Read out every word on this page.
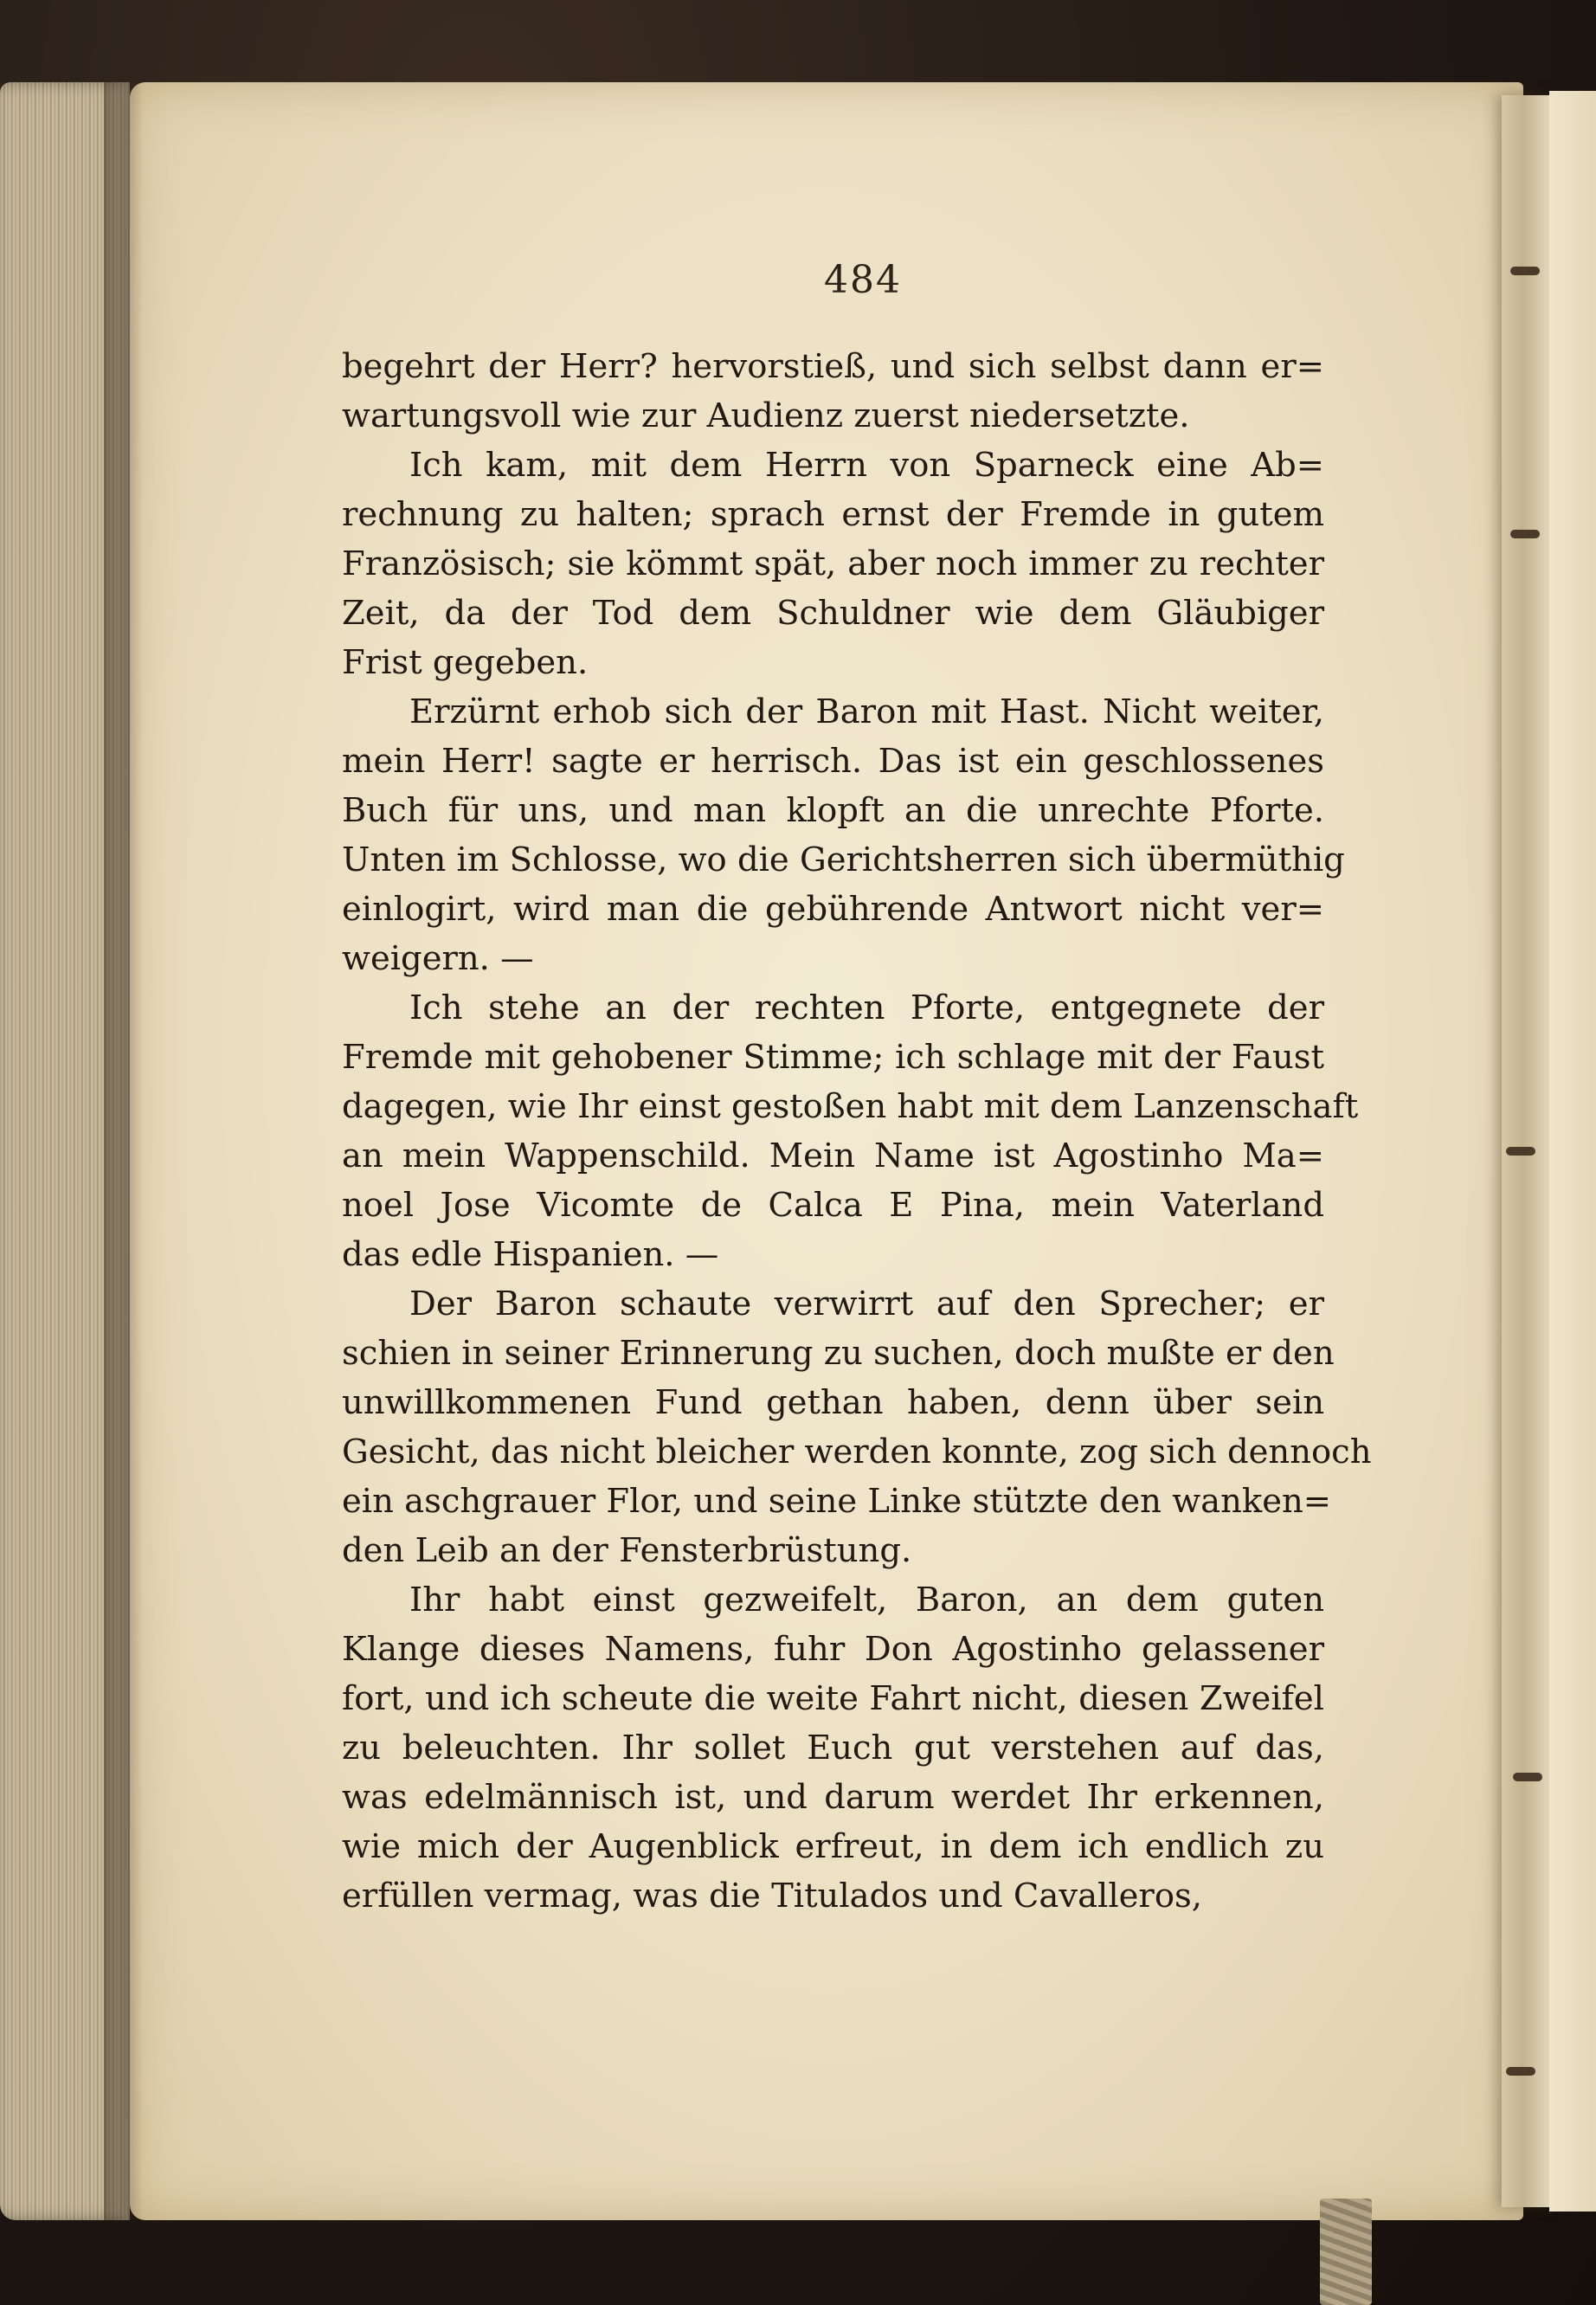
484

begehrt der Herr? hervorstieß, und sich selbst dann er=
wartungsvoll wie zur Audienz zuerst niedersetzte.

Ich kam, mit dem Herrn von Sparneck eine Ab=
rechnung zu halten; sprach ernst der Fremde in gutem
Französisch; sie kömmt spät, aber noch immer zu rechter
Zeit, da der Tod dem Schuldner wie dem Gläubiger
Frist gegeben.

Erzürnt erhob sich der Baron mit Hast. Nicht weiter,
mein Herr! sagte er herrisch. Das ist ein geschlossenes
Buch für uns, und man klopft an die unrechte Pforte.
Unten im Schlosse, wo die Gerichtsherren sich übermüthig
einlogirt, wird man die gebührende Antwort nicht ver=
weigern. —

Ich stehe an der rechten Pforte, entgegnete der
Fremde mit gehobener Stimme; ich schlage mit der Faust
dagegen, wie Ihr einst gestoßen habt mit dem Lanzenschaft
an mein Wappenschild. Mein Name ist Agostinho Ma=
noel Jose Vicomte de Calca E Pina, mein Vaterland
das edle Hispanien. —

Der Baron schaute verwirrt auf den Sprecher; er
schien in seiner Erinnerung zu suchen, doch mußte er den
unwillkommenen Fund gethan haben, denn über sein
Gesicht, das nicht bleicher werden konnte, zog sich dennoch
ein aschgrauer Flor, und seine Linke stützte den wanken=
den Leib an der Fensterbrüstung.

Ihr habt einst gezweifelt, Baron, an dem guten
Klange dieses Namens, fuhr Don Agostinho gelassener
fort, und ich scheute die weite Fahrt nicht, diesen Zweifel
zu beleuchten. Ihr sollet Euch gut verstehen auf das,
was edelmännisch ist, und darum werdet Ihr erkennen,
wie mich der Augenblick erfreut, in dem ich endlich zu
erfüllen vermag, was die Titulados und Cavalleros,
